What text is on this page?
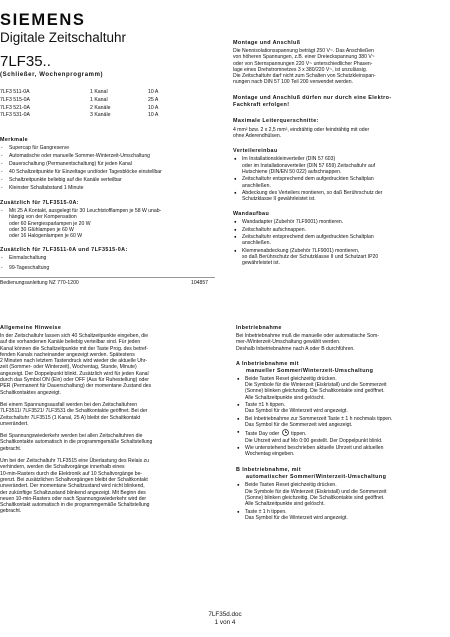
SIEMENS
Digitale Zeitschaltuhr
7LF35..
(Schließer, Wochenprogramm)
7LF3 511-0A	1 Kanal	10 A
7LF3 515-0A	1 Kanal	25 A
7LF3 521-0A	2 Kanäle	10 A
7LF3 531-0A	3 Kanäle	10 A
Merkmale
- Supercap für Gangreserve
- Automatische oder manuelle Sommer-Winterzeit-Umschaltung
- Dauerschaltung (Permanentschaltung) für jeden Kanal
- 40 Schaltzeitpunkte für Einzeltage und/oder Tagesblöcke einstellbar
- Schaltzeitpunkte beliebig auf die Kanäle verteilbar
- Kleinster Schaltabstand 1 Minute
Zusätzlich für 7LF3515-0A:
- Mit 25 A Kontakt, ausgelegt für 30 Leuchtstofflampen je 58 W unab-
hängig von der Kompensation
oder 60 Energiesparlampen je 20 W
oder 30 Glühlampen je 60 W
oder 16 Halogenlampen je 60 W
Zusätzlich für 7LF3511-0A und 7LF3515-0A:
- Einmalschaltung
- 99-Tageschaltung
Bedienungsanleitung NZ 770-1200	104857
Montage und Anschluß
Die Nennisolationsspannung beträgt 250 V~. Das Anschließen
von höheren Spannungen, z.B. einer Dreieckspannung 380 V~
oder von Sternspannungen 220 V~ unterschiedlicher Phasen-
lage eines Drehstromnetzes 3 x 380/220 V~, ist unzulässig.
Die Zeitschaltuhr darf nicht zum Schalten von Schutzkleinspan-
nungen nach DIN 57 100 Teil 200 verwendet werden.
Montage und Anschluß dürfen nur durch eine Elektro-
Fachkraft erfolgen!
Maximale Leiterquerschnitte:
4 mm² bzw. 2 x 2,5 mm², eindrähtig oder feindrähtig mit oder
ohne Aderendhülsen.
Verteilereinbau
● Im Installationskleinverteiler (DIN 57 603)
oder im Installationsverteiler (DIN 57 659) Zeitschaltuhr auf
Hutschiene (DIN/EN 50 022) aufschnappen.
● Zeitschaltuhr entsprechend dem aufgedruckten Schaltplan
anschließen.
● Abdeckung des Verteilers montieren, so daß Berührschutz der
Schutzklasse II gewährleistet ist.
Wandaufbau
● Wandadapter (Zubehör 7LF9001) montieren.
● Zeitschaltuhr aufschnappen.
● Zeitschaltuhr entsprechend dem aufgedruckten Schaltplan
anschließen.
● Klemmenabdeckung (Zubehör 7LF9001) montieren,
so daß Berührschutz der Schutzklasse II und Schutzart IP20
gewährleistet ist.
Allgemeine Hinweise
In der Zeitschaltuhr lassen sich 40 Schaltzeitpunkte eingeben, die
auf die vorhandenen Kanäle beliebig verteilbar sind. Für jeden
Kanal können die Schaltzeitpunkte mit der Taste Prog. des betref-
fenden Kanals nacheinander angezeigt werden. Spätestens
2 Minuten nach letztem Tastendruck wird wieder die aktuelle Uhr-
zeit (Sommer- oder Winterzeit), Wochentag, Stunde, Minute)
angezeigt. Der Doppelpunkt blinkt. Zusätzlich wird für jeden Kanal
durch das Symbol ON (Ein) oder OFF (Aus für Ruhestellung) oder
PER (Permanent für Dauerschaltung) der momentane Zustand des
Schaltkontaktes angezeigt.
Bei einem Spannungsausfall werden bei den Zeitschaltuhren
7LF3511/ 7LF3521/ 7LF3531 die Schaltkontakte geöffnet. Bei der
Zeitschaltuhr 7LF3515 (1 Kanal, 25 A) bleibt der Schaltkontakt
unverändert.
Bei Spannungswiederkehr werden bei allen Zeitschaltuhren die
Schaltkontakte automatisch in die programmgemäße Schaltstellung
gebracht.
Um bei der Zeitschaltuhr 7LF3515 eine Überlastung des Relais zu
verhindern, werden die Schaltvorgänge innerhalb eines
10-min-Rasters durch die Elektronik auf 10 Schaltvorgänge be-
grenzt. Bei zusätzlichen Schaltvorgängen bleibt der Schaltkontakt
unverändert. Der momentane Schaltzustand wird nicht blinkend,
der zukünftige Schaltzustand blinkend angezeigt. Mit Beginn des
neuen 10-min-Rasters oder nach Spannungswiederkehr wird der
Schaltkontakt automatisch in die programmgemäße Schaltstellung
gebracht.
Inbetriebnahme
Bei Inbetriebnahme muß die manuelle oder automatische Som-
mer-/Winterzeit-Umschaltung gewählt werden.
Deshalb Inbetriebnahme nach A oder B durchführen.
A Inbetriebnahme mit
manueller Sommer/Winterzeit-Umschaltung
● Beide Tasten Reset gleichzeitig drücken.
Die Symbole für die Winterzeit (Eiskristall) und die Sommerzeit
(Sonne) blinken gleichzeitig. Die Schaltkontakte sind geöffnet.
Alle Schaltzeitpunkte sind gelöscht.
● Taste ±1 h tippen.
Das Symbol für die Winterzeit wird angezeigt.
● Bei Inbetriebnahme zur Sommerzeit Taste ± 1 h nochmals tippen.
Das Symbol für die Sommerzeit wird angezeigt.
● Taste Day oder tippen.
Die Uhrzeit wird auf Mo 0:00 gestellt. Der Doppelpunkt blinkt.
● Wie untenstehend beschrieben aktuelle Uhrzeit und aktuellen
Wochentag eingeben.
B Inbetriebnahme, mit
automatischer Sommer/Winterzeit-Umschaltung
● Beide Tasten Reset gleichzeitig drücken.
Die Symbole für die Winterzeit (Eiskristall) und die Sommerzeit
(Sonne) blinken gleichzeitig. Die Schaltkontakte sind geöffnet.
Alle Schaltzeitpunkte sind gelöscht.
● Taste ± 1 h tippen.
Das Symbol für die Winterzeit wird angezeigt.
7LF35d.doc
1 von 4
